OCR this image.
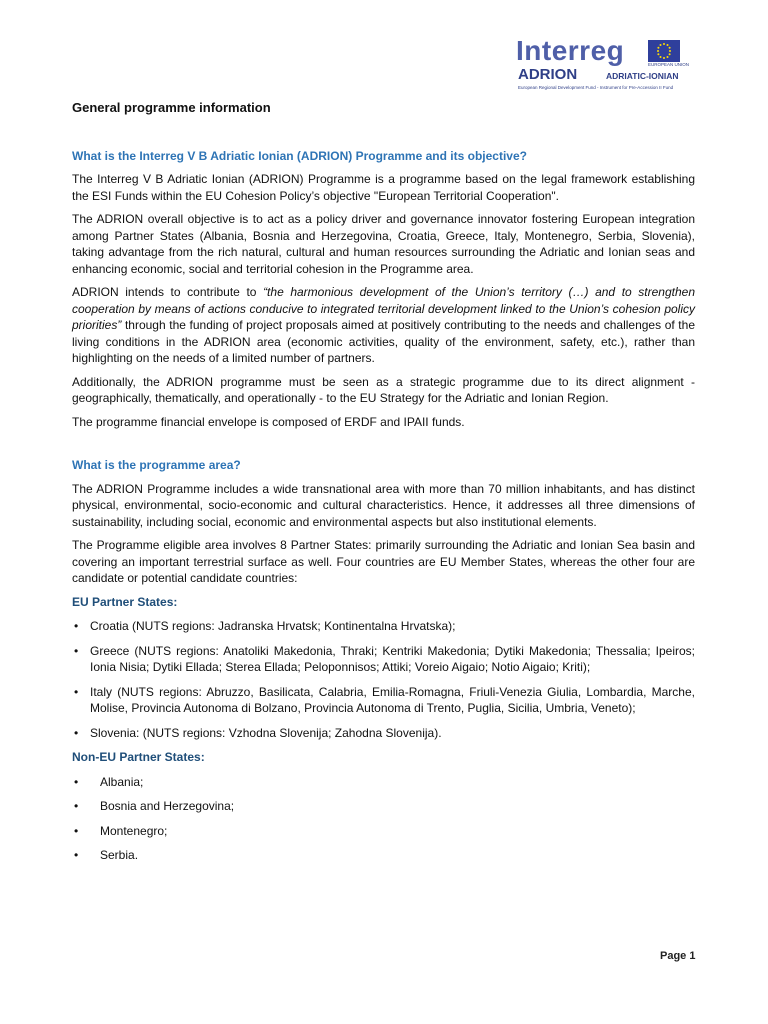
Interreg
ADRION	ADRIATIC-IONIAN
EUROPEAN UNION
European Regional Development Fund - Instrument for Pre-Accession II Fund
General programme information
What is the Interreg V B Adriatic Ionian (ADRION) Programme and its objective?

The Interreg V B Adriatic Ionian (ADRION) Programme is a programme based on the legal framework establishing the ESI Funds within the EU Cohesion Policy’s objective "European Territorial Cooperation".

The ADRION overall objective is to act as a policy driver and governance innovator fostering European integration among Partner States (Albania, Bosnia and Herzegovina, Croatia, Greece, Italy, Montenegro, Serbia, Slovenia), taking advantage from the rich natural, cultural and human resources surrounding the Adriatic and Ionian seas and enhancing economic, social and territorial cohesion in the Programme area.

ADRION intends to contribute to “the harmonious development of the Union’s territory (…) and to strengthen cooperation by means of actions conducive to integrated territorial development linked to the Union’s cohesion policy priorities” through the funding of project proposals aimed at positively contributing to the needs and challenges of the living conditions in the ADRION area (economic activities, quality of the environment, safety, etc.), rather than highlighting on the needs of a limited number of partners.

Additionally, the ADRION programme must be seen as a strategic programme due to its direct alignment - geographically, thematically, and operationally - to the EU Strategy for the Adriatic and Ionian Region.

The programme financial envelope is composed of ERDF and IPAII funds.

What is the programme area?

The ADRION Programme includes a wide transnational area with more than 70 million inhabitants, and has distinct physical, environmental, socio-economic and cultural characteristics. Hence, it addresses all three dimensions of sustainability, including social, economic and environmental aspects but also institutional elements.

The Programme eligible area involves 8 Partner States: primarily surrounding the Adriatic and Ionian Sea basin and covering an important terrestrial surface as well. Four countries are EU Member States, whereas the other four are candidate or potential candidate countries:

EU Partner States:
• Croatia (NUTS regions: Jadranska Hrvatsk; Kontinentalna Hrvatska);
• Greece (NUTS regions: Anatoliki Makedonia, Thraki; Kentriki Makedonia; Dytiki Makedonia; Thessalia; Ipeiros; Ionia Nisia; Dytiki Ellada; Sterea Ellada; Peloponnisos; Attiki; Voreio Aigaio; Notio Aigaio; Kriti);
• Italy (NUTS regions: Abruzzo, Basilicata, Calabria, Emilia-Romagna, Friuli-Venezia Giulia, Lombardia, Marche, Molise, Provincia Autonoma di Bolzano, Provincia Autonoma di Trento, Puglia, Sicilia, Umbria, Veneto);
• Slovenia: (NUTS regions: Vzhodna Slovenija; Zahodna Slovenija).
Non-EU Partner States:
• Albania;
• Bosnia and Herzegovina;
• Montenegro;
• Serbia.
Page 1
